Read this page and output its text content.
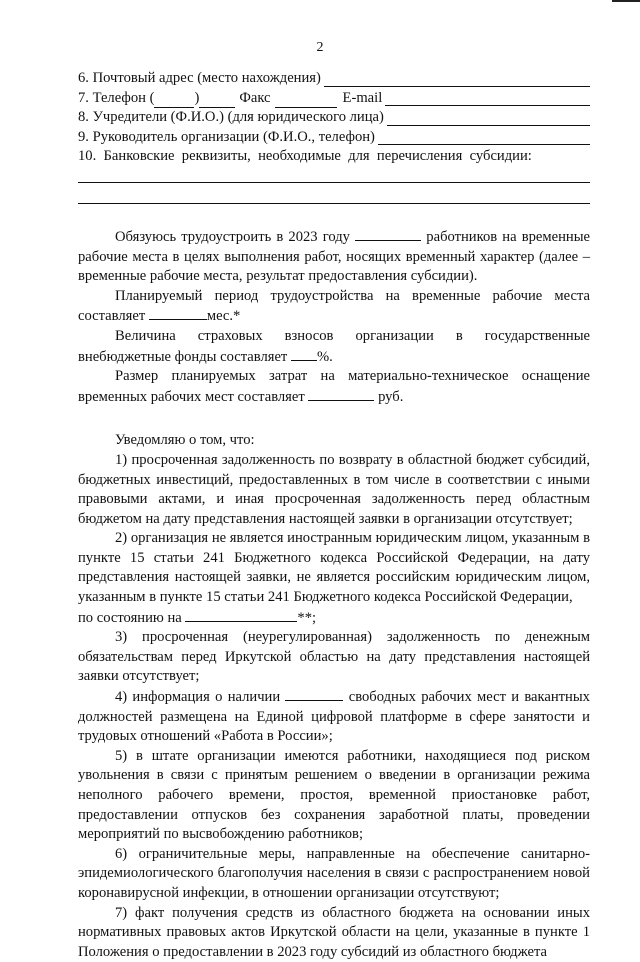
2
6. Почтовый адрес (место нахождения)
7. Телефон (	)	Факс	E-mail
8. Учредители (Ф.И.О.) (для юридического лица)
9. Руководитель организации (Ф.И.О., телефон)
10.  Банковские  реквизиты,  необходимые  для  перечисления  субсидии:

Обязуюсь трудоустроить в 2023 году	работников на временные рабочие места в целях выполнения работ, носящих временный характер (далее – временные рабочие места, результат предоставления субсидии).

Планируемый период трудоустройства на временные рабочие места

составляет	мес.*

Величина   страховых   взносов   организации   в   государственные

внебюджетные фонды составляет %.

Размер планируемых затрат на материально-техническое оснащение

временных рабочих мест составляет	руб.

Уведомляю о том, что:

1) просроченная задолженность по возврату в областной бюджет субсидий, бюджетных инвестиций, предоставленных в том числе в соответствии с иными правовыми актами, и иная просроченная задолженность перед областным бюджетом на дату представления настоящей заявки в организации отсутствует;

2) организация не является иностранным юридическим лицом, указанным в пункте 15 статьи 241 Бюджетного кодекса Российской Федерации, на дату представления настоящей заявки, не является российским юридическим лицом, указанным в пункте 15 статьи 241 Бюджетного кодекса Российской Федерации,

по состоянию на	**;

3) просроченная (неурегулированная) задолженность по денежным обязательствам перед Иркутской областью на дату представления настоящей заявки отсутствует;

4) информация о наличии	свободных рабочих мест и вакантных должностей размещена на Единой цифровой платформе в сфере занятости и трудовых отношений «Работа в России»;

5) в штате организации имеются работники, находящиеся под риском увольнения в связи с принятым решением о введении в организации режима неполного рабочего времени, простоя, временной приостановке работ, предоставлении отпусков без сохранения заработной платы, проведении мероприятий по высвобождению работников;

6) ограничительные меры, направленные на обеспечение санитарно-эпидемиологического благополучия населения в связи с распространением новой коронавирусной инфекции, в отношении организации отсутствуют;

7) факт получения средств из областного бюджета на основании иных нормативных правовых актов Иркутской области на цели, указанные в пункте 1 Положения о предоставлении в 2023 году субсидий из областного бюджета
